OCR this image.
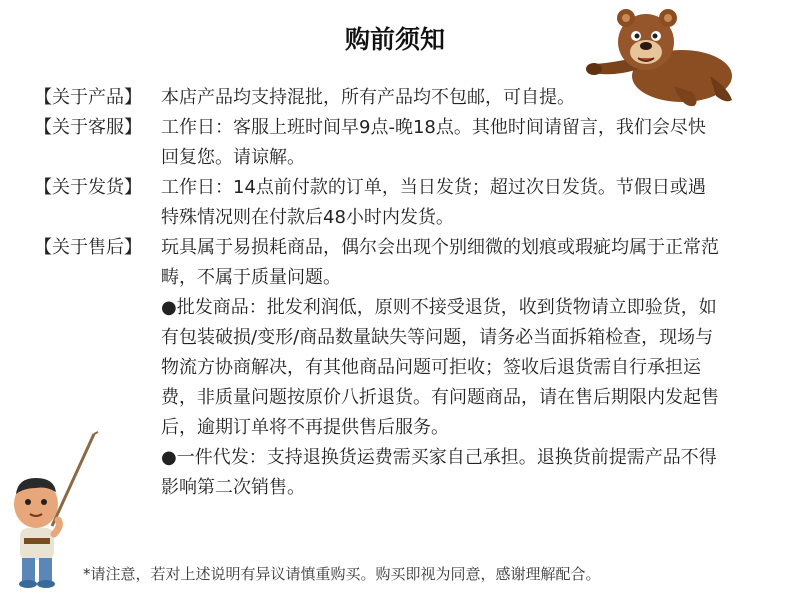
购前须知
【关于产品】	本店产品均支持混批，所有产品均不包邮，可自提。
【关于客服】	工作日：客服上班时间早9点-晚18点。其他时间请留言，我们会尽快回复您。请谅解。
【关于发货】	工作日：14点前付款的订单，当日发货；超过次日发货。节假日或遇特殊情况则在付款后48小时内发货。
【关于售后】	玩具属于易损耗商品，偶尔会出现个别细微的划痕或瑕疵均属于正常范畴，不属于质量问题。
●批发商品：批发利润低，原则不接受退货，收到货物请立即验货，如有包装破损/变形/商品数量缺失等问题，请务必当面拆箱检查，现场与物流方协商解决，有其他商品问题可拒收；签收后退货需自行承担运费，非质量问题按原价八折退货。有问题商品，请在售后期限内发起售后，逾期订单将不再提供售后服务。
●一件代发：支持退换货运费需买家自己承担。退换货前提需产品不得影响第二次销售。
*请注意，若对上述说明有异议请慎重购买。购买即视为同意，感谢理解配合。
